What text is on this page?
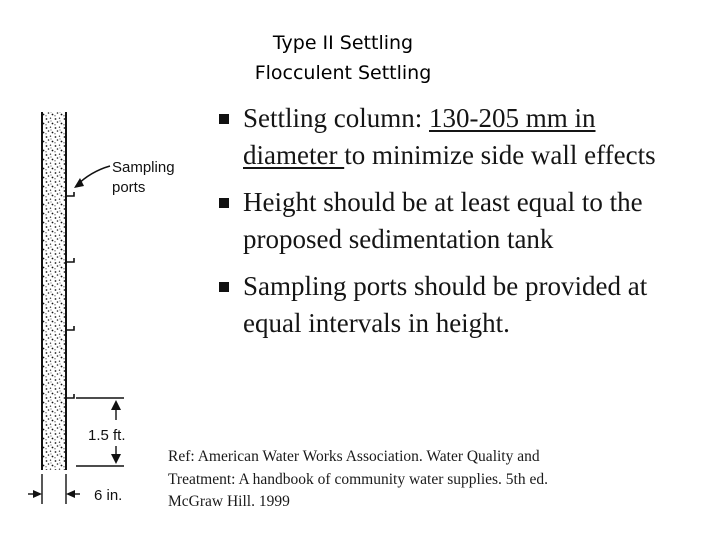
Type II Settling
Flocculent Settling
Sampling
ports
1.5 ft.
6 in.
Settling column: 130-205 mm in diameter to minimize side wall effects
Height should be at least equal to the proposed sedimentation tank
Sampling ports should be provided at equal intervals in height.
Ref: American Water Works Association. Water Quality and
Treatment: A handbook of community water supplies. 5th ed.
McGraw Hill. 1999
